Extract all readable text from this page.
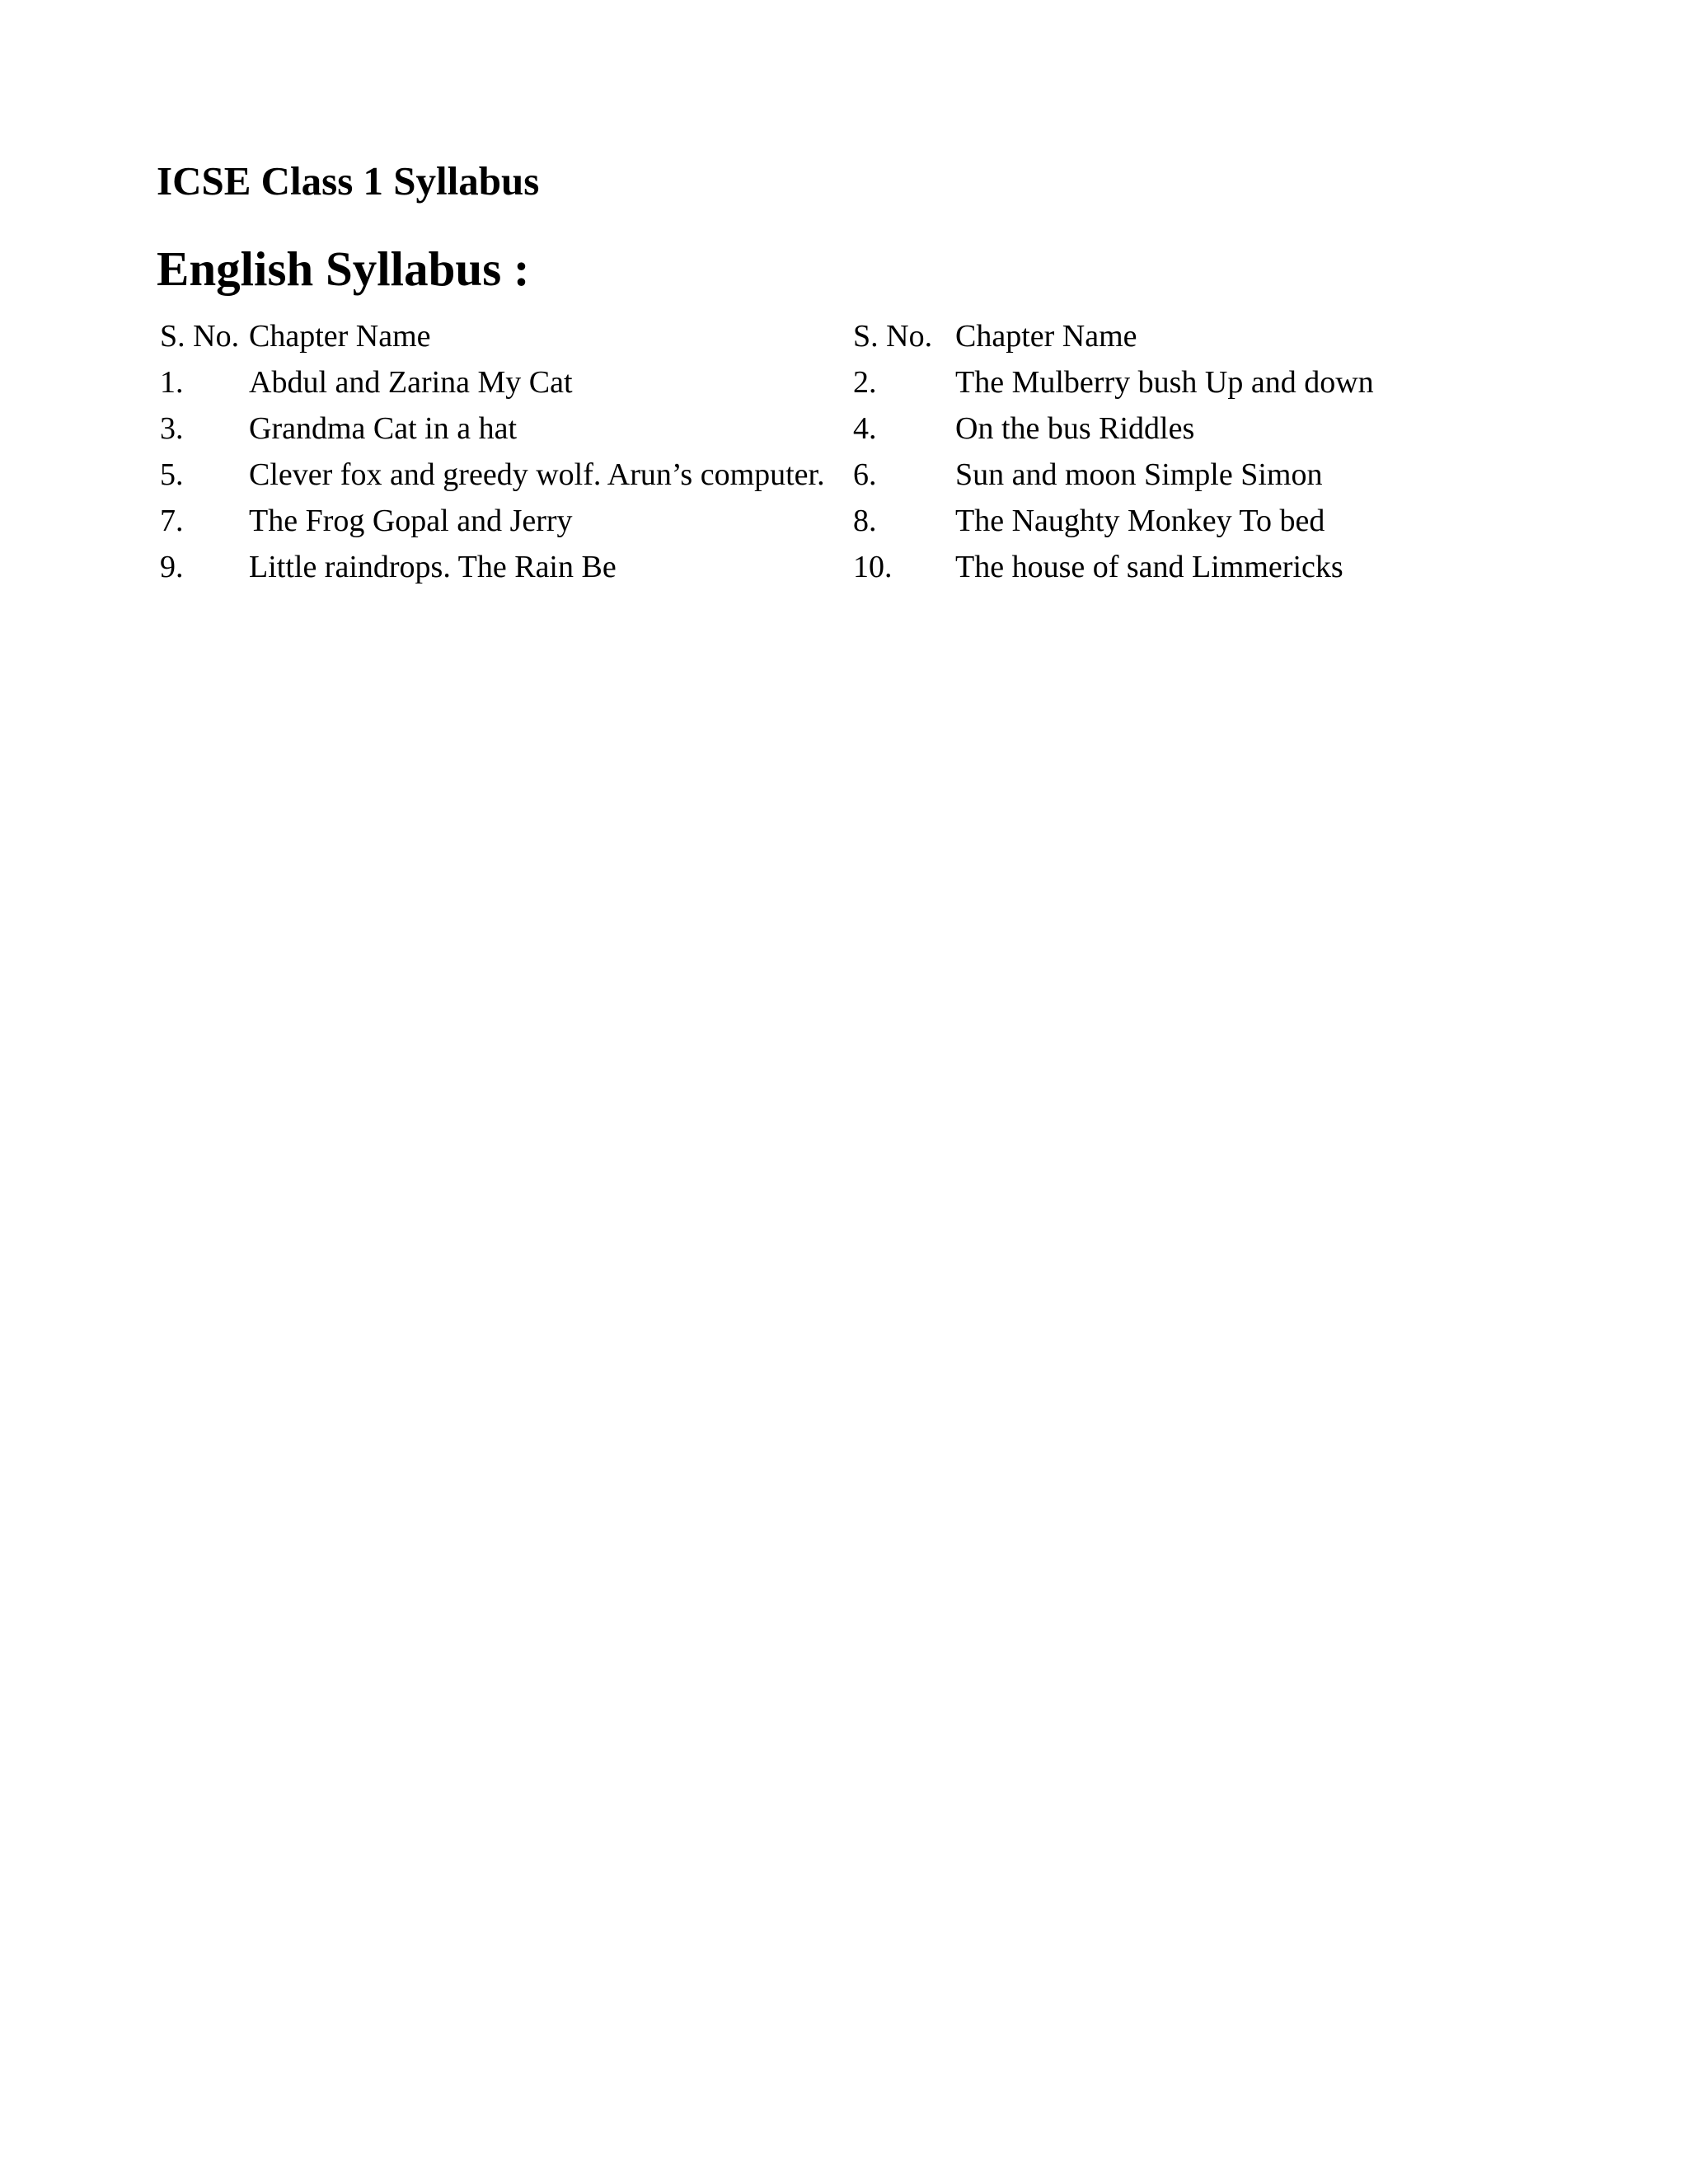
ICSE Class 1 Syllabus
English Syllabus :
S. No.	Chapter Name	S. No.	Chapter Name
1.	Abdul and Zarina My Cat	2.	The Mulberry bush Up and down
3.	Grandma Cat in a hat	4.	On the bus Riddles
5.	Clever fox and greedy wolf. Arun’s computer.	6.	Sun and moon Simple Simon
7.	The Frog Gopal and Jerry	8.	The Naughty Monkey To bed
9.	Little raindrops. The Rain Be	10.	The house of sand Limmericks
